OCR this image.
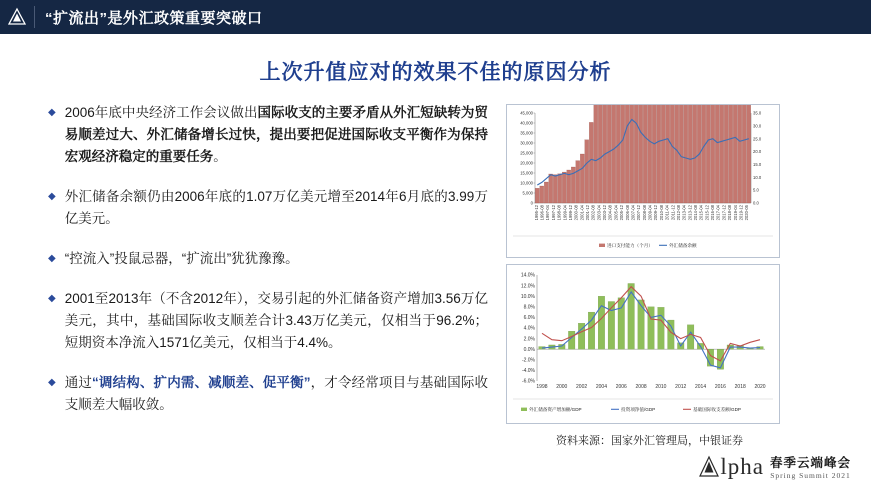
“扩流出”是外汇政策重要突破口
上次升值应对的效果不佳的原因分析
◆ 2006年底中央经济工作会议做出国际收支的主要矛盾从外汇短缺转为贸易顺差过大、外汇储备增长过快，提出要把促进国际收支平衡作为保持宏观经济稳定的重要任务。
◆ 外汇储备余额仍由2006年底的1.07万亿美元增至2014年6月底的3.99万亿美元。
◆ “控流入”投鼠忌器，“扩流出”犹犹豫豫。
◆ 2001至2013年（不含2012年），交易引起的外汇储备资产增加3.56万亿美元，其中，基础国际收支顺差合计3.43万亿美元，仅相当于96.2%；短期资本净流入1571亿美元，仅相当于4.4%。
◆ 通过“调结构、扩内需、减顺差、促平衡”，才令经常项目与基础国际收支顺差大幅收敛。
45,000
40,000
35,000
30,000
25,000
20,000
15,000
10,000
5,000
0
35.0
30.0
25.0
20.0
15.0
10.0
5.0
0.0
1995-12 1996-08 1997-04 1997-12 1998-08 1999-04 1999-12 2000-08 2001-04 2001-12 2002-08 2003-04 2003-12 2004-08 2005-04 2005-12 2006-08 2007-04 2007-12 2008-08 2009-04 2009-12 2010-08 2011-04 2011-12 2012-08 2013-04 2013-12 2014-08 2015-04 2015-12 2016-08 2017-04 2017-12 2018-08 2019-04 2019-12 2020-05
进口支付能力（个月）	外汇储备余额
14.0%
12.0%
10.0%
8.0%
6.0%
4.0%
2.0%
0.0%
-2.0%
-4.0%
-6.0%
1998 2000 2002 2004 2006 2008 2010 2012 2014 2016 2018 2020
外汇储备资产增加额/GDP	投资项净值/GDP	基础国际收支差额/GDP
资料来源：国家外汇管理局，中银证券
lpha 春季云端峰会
Spring Summit 2021
